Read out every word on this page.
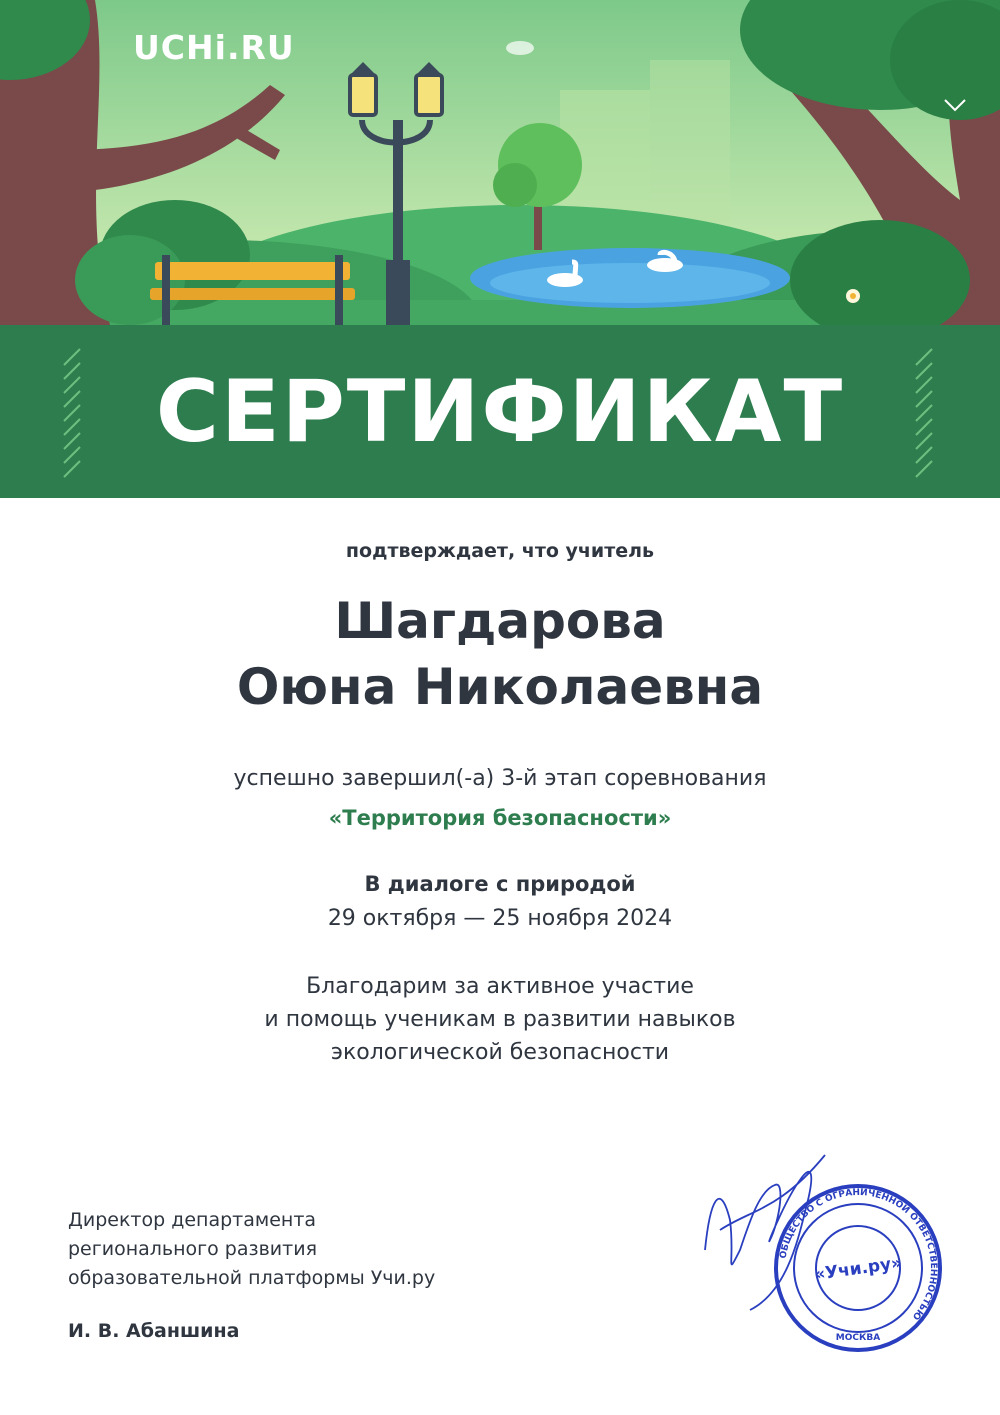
UCHi.RU
СЕРТИФИКАТ
подтверждает, что учитель
Шагдарова
Оюна Николаевна
успешно завершил(-а) 3-й этап соревнования
«Территория безопасности»
В диалоге с природой
29 октября — 25 ноября 2024
Благодарим за активное участие
и помощь ученикам в развитии навыков
экологической безопасности
Директор департамента
регионального развития
образовательной платформы Учи.ру
И. В. Абаншина
ОБЩЕСТВО С ОГРАНИЧЕННОЙ ОТВЕТСТВЕННОСТЬЮ
МОСКВА
«Учи.ру»
